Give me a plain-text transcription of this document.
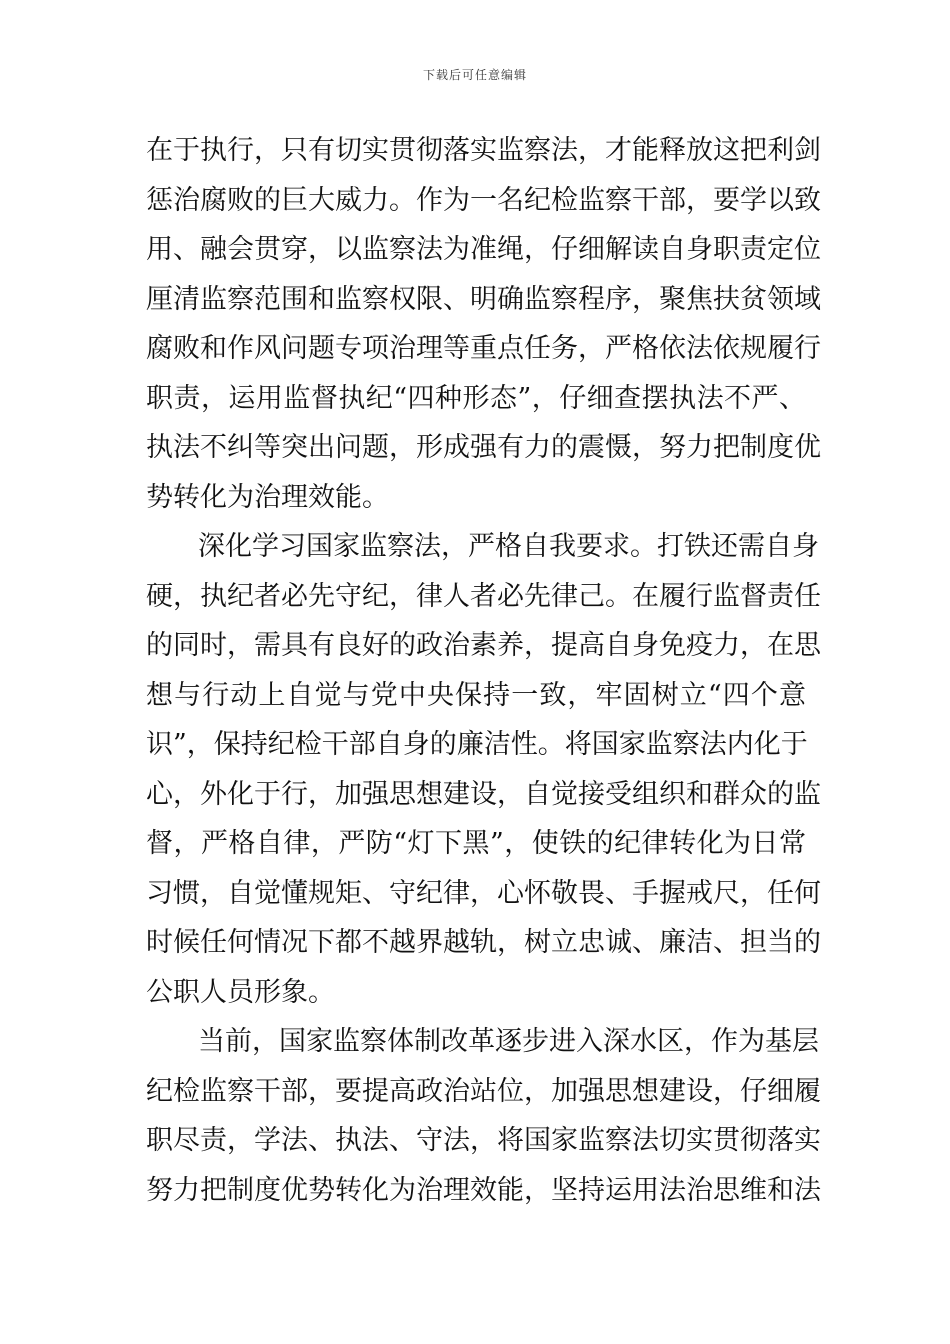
下载后可任意编辑
在于执行，只有切实贯彻落实监察法，才能释放这把利剑
惩治腐败的巨大威力。作为一名纪检监察干部，要学以致
用、融会贯穿，以监察法为准绳，仔细解读自身职责定位
厘清监察范围和监察权限、明确监察程序，聚焦扶贫领域
腐败和作风问题专项治理等重点任务，严格依法依规履行
职责，运用监督执纪“四种形态”，仔细查摆执法不严、
执法不纠等突出问题，形成强有力的震慑，努力把制度优
势转化为治理效能。
深化学习国家监察法，严格自我要求。打铁还需自身
硬，执纪者必先守纪，律人者必先律己。在履行监督责任
的同时，需具有良好的政治素养，提高自身免疫力，在思
想与行动上自觉与党中央保持一致，牢固树立“四个意
识”，保持纪检干部自身的廉洁性。将国家监察法内化于
心，外化于行，加强思想建设，自觉接受组织和群众的监
督，严格自律，严防“灯下黑”，使铁的纪律转化为日常
习惯，自觉懂规矩、守纪律，心怀敬畏、手握戒尺，任何
时候任何情况下都不越界越轨，树立忠诚、廉洁、担当的
公职人员形象。
当前，国家监察体制改革逐步进入深水区，作为基层
纪检监察干部，要提高政治站位，加强思想建设，仔细履
职尽责，学法、执法、守法，将国家监察法切实贯彻落实
努力把制度优势转化为治理效能，坚持运用法治思维和法
